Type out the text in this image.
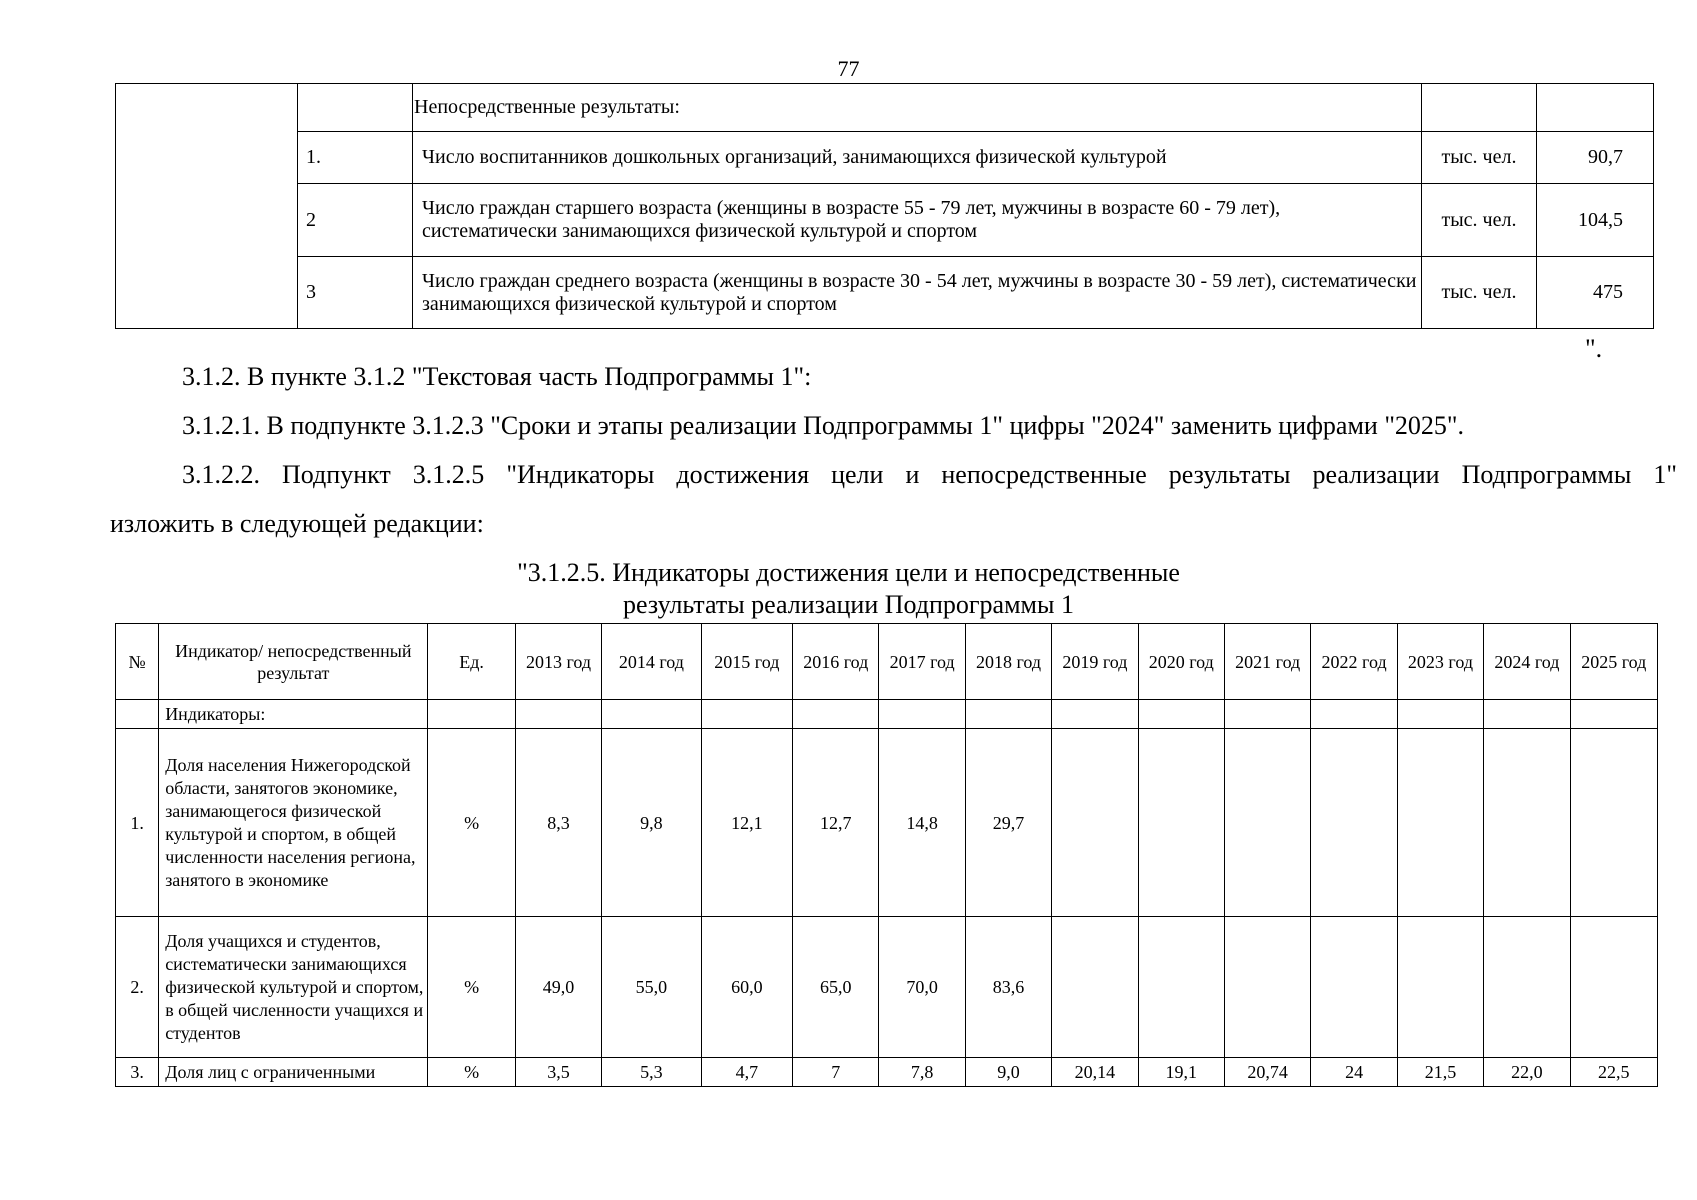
77
		Непосредственные результаты:		
	1.	Число воспитанников дошкольных организаций, занимающихся физической культурой	тыс. чел.	90,7
	2	Число граждан старшего возраста (женщины в возрасте 55 - 79 лет, мужчины в возрасте 60 - 79 лет), систематически занимающихся физической культурой и спортом	тыс. чел.	104,5
	3	Число граждан среднего возраста (женщины в возрасте 30 - 54 лет, мужчины в возрасте 30 - 59 лет), систематически занимающихся физической культурой и спортом	тыс. чел.	475
".
3.1.2. В пункте 3.1.2 "Текстовая часть Подпрограммы 1":
3.1.2.1. В подпункте 3.1.2.3 "Сроки и этапы реализации Подпрограммы 1" цифры "2024" заменить цифрами "2025".
3.1.2.2. Подпункт 3.1.2.5 "Индикаторы достижения цели и непосредственные результаты реализации Подпрограммы 1"
изложить в следующей редакции:
"3.1.2.5. Индикаторы достижения цели и непосредственные
результаты реализации Подпрограммы 1
№	Индикатор/ непосредственный результат	Ед.	2013 год	2014 год	2015 год	2016 год	2017 год	2018 год	2019 год	2020 год	2021 год	2022 год	2023 год	2024 год	2025 год
	Индикаторы:														
1.	Доля населения Нижегородской области, занятогов экономике, занимающегося физической культурой и спортом, в общей численности населения региона, занятого в экономике	%	8,3	9,8	12,1	12,7	14,8	29,7							
2.	Доля учащихся и студентов, систематически занимающихся физической культурой и спортом, в общей численности учащихся и студентов	%	49,0	55,0	60,0	65,0	70,0	83,6							
3.	Доля лиц с ограниченными	%	3,5	5,3	4,7	7	7,8	9,0	20,14	19,1	20,74	24	21,5	22,0	22,5
